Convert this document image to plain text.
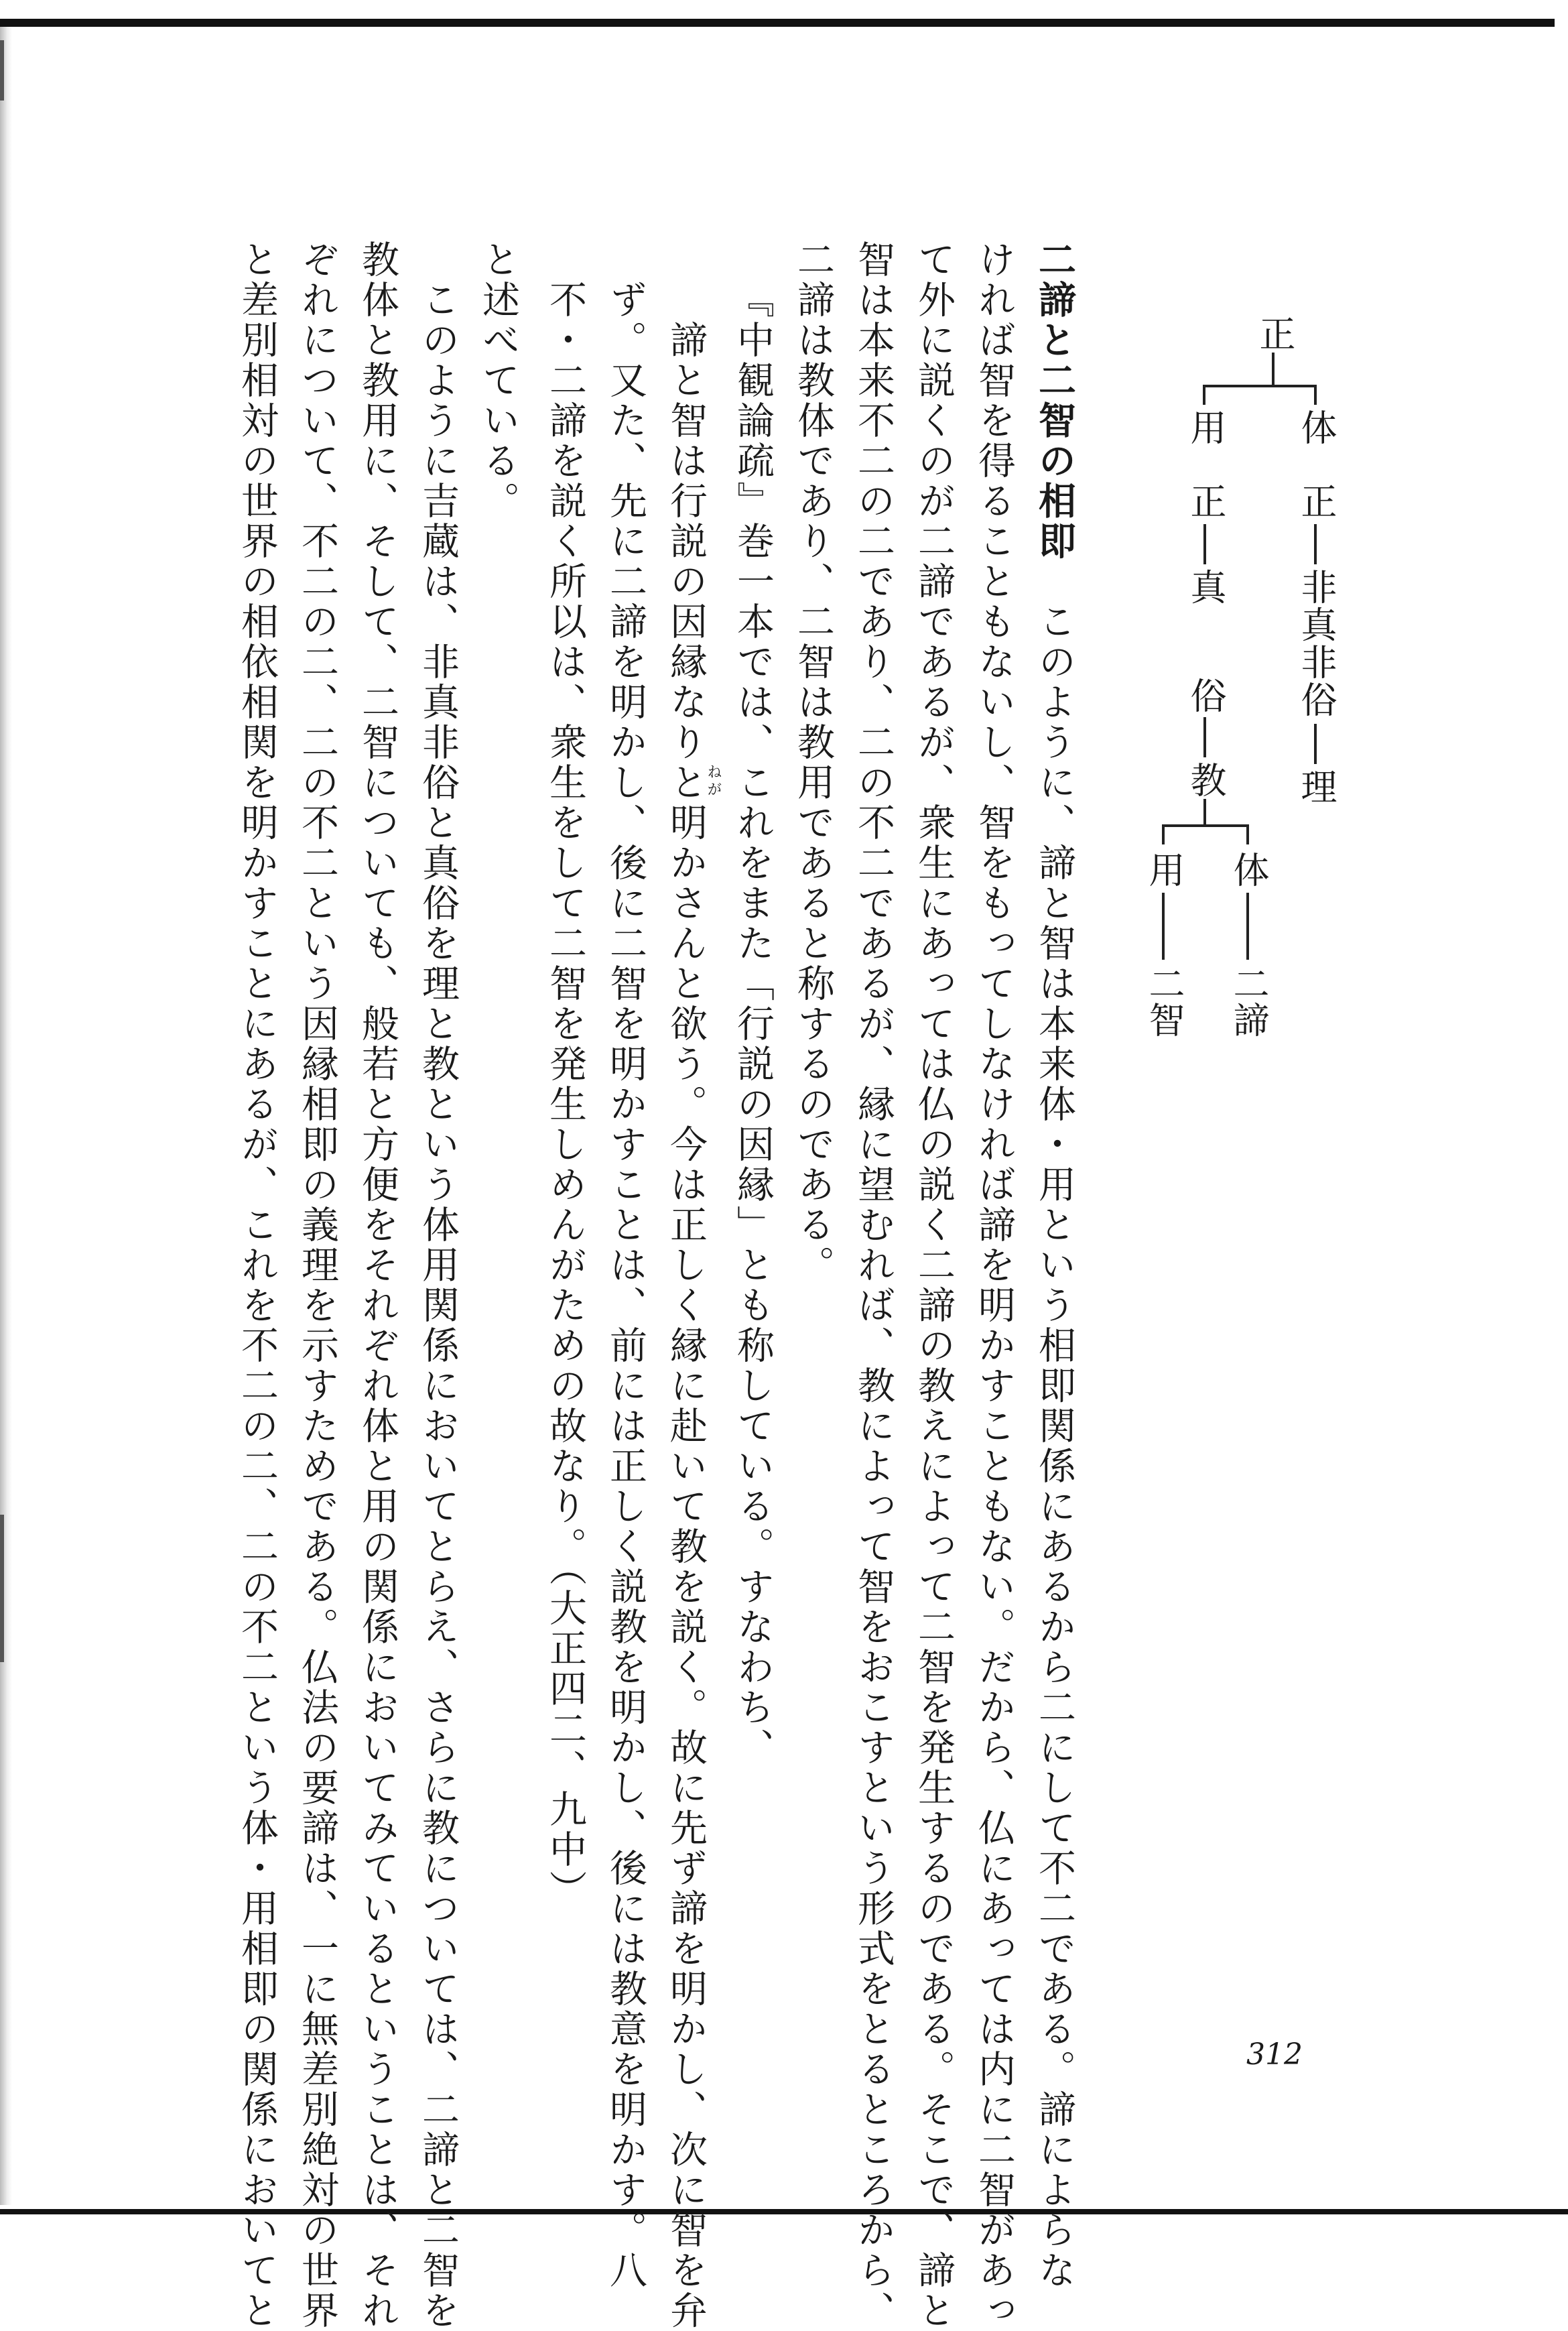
正
体
正
非真非俗
理
用
正
真
俗
教
体
二諦
用
二智
二諦と二智の相即　このように、諦と智は本来体・用という相即関係にあるから二にして不二である。諦によらな
ければ智を得ることもないし、智をもってしなければ諦を明かすこともない。だから、仏にあっては内に二智があっ
て外に説くのが二諦であるが、衆生にあっては仏の説く二諦の教えによって二智を発生するのである。そこで、諦と
智は本来不二の二であり、二の不二であるが、縁に望むれば、教によって智をおこすという形式をとるところから、
二諦は教体であり、二智は教用であると称するのである。
『中観論疏』巻一本では、これをまた「行説の因縁」とも称している。すなわち、
諦と智は行説の因縁なりと明かさんと欲う。今は正しく縁に赴いて教を説く。故に先ず諦を明かし、次に智を弁
ず。又た、先に二諦を明かし、後に二智を明かすことは、前には正しく説教を明かし、後には教意を明かす。八
不・二諦を説く所以は、衆生をして二智を発生しめんがための故なり。（大正四二、九中）	ねが
と述べている。
このように吉蔵は、非真非俗と真俗を理と教という体用関係においてとらえ、さらに教については、二諦と二智を
教体と教用に、そして、二智についても、般若と方便をそれぞれ体と用の関係においてみているということは、それ
ぞれについて、不二の二、二の不二という因縁相即の義理を示すためである。仏法の要諦は、一に無差別絶対の世界
と差別相対の世界の相依相関を明かすことにあるが、これを不二の二、二の不二という体・用相即の関係においてと	312
